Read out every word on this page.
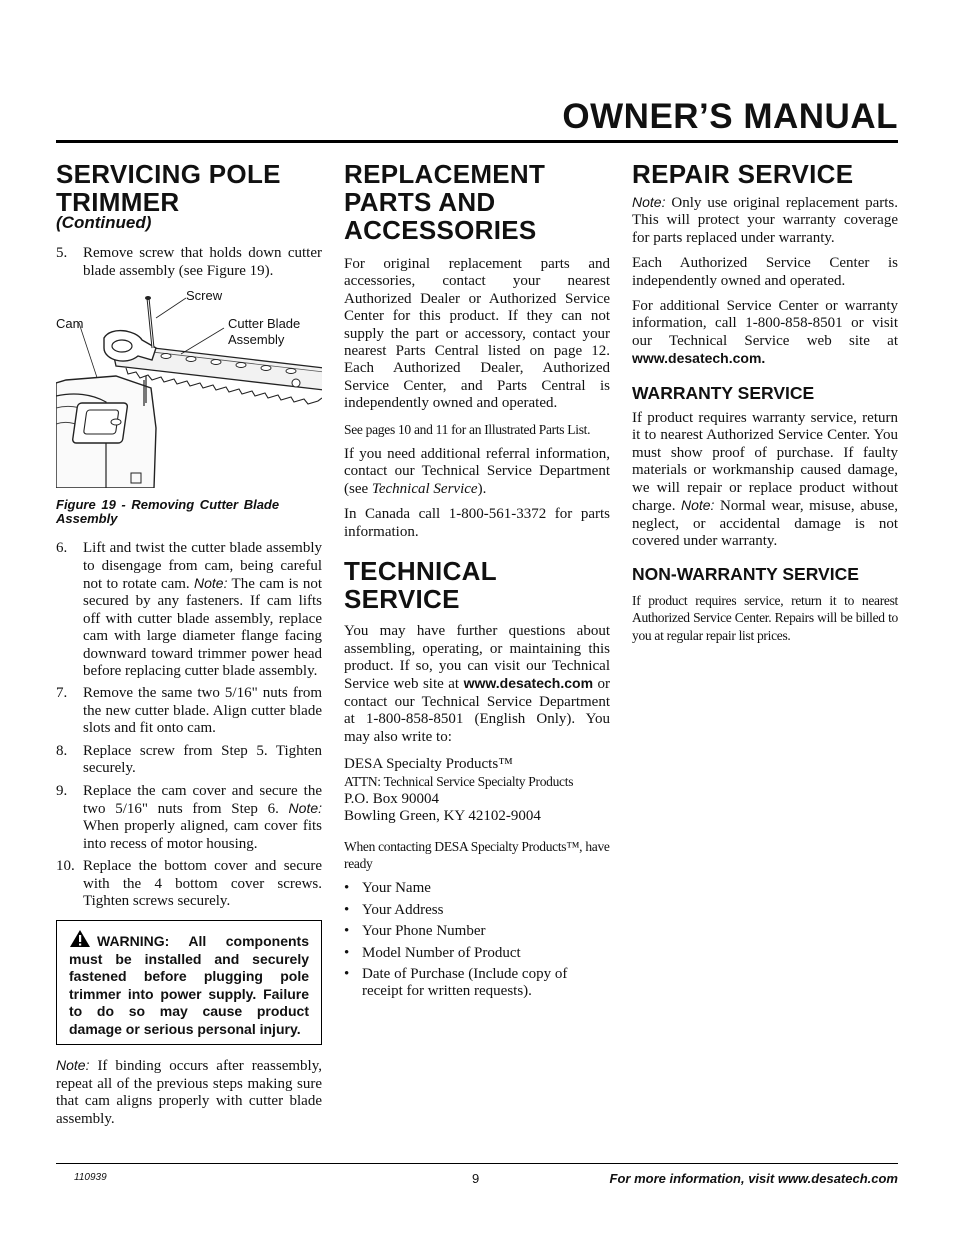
OWNER’S MANUAL
SERVICING POLE TRIMMER
(Continued)
5. Remove screw that holds down cutter blade assembly (see Figure 19).
Screw
Cam	Cutter Blade
Assembly
Figure 19 - Removing Cutter Blade Assembly
6. Lift and twist the cutter blade assembly to disengage from cam, being careful not to rotate cam. Note: The cam is not secured by any fasteners. If cam lifts off with cutter blade assembly, replace cam with large diameter flange facing downward toward trimmer power head before replacing cutter blade assembly.
7. Remove the same two 5/16" nuts from the new cutter blade. Align cutter blade slots and fit onto cam.
8. Replace screw from Step 5. Tighten securely.
9. Replace the cam cover and secure the two 5/16" nuts from Step 6. Note: When properly aligned, cam cover fits into recess of motor housing.
10. Replace the bottom cover and secure with the 4 bottom cover screws. Tighten screws securely.
WARNING: All components must be installed and securely fastened before plugging pole trimmer into power supply. Failure to do so may cause product damage or serious personal injury.

Note: If binding occurs after reassembly, repeat all of the previous steps making sure that cam aligns properly with cutter blade assembly.

REPLACEMENT PARTS AND ACCESSORIES

For original replacement parts and accessories, contact your nearest Authorized Dealer or Authorized Service Center for this product. If they can not supply the part or accessory, contact your nearest Parts Central listed on page 12. Each Authorized Dealer, Authorized Service Center, and Parts Central is independently owned and operated.

See pages 10 and 11 for an Illustrated Parts List.

If you need additional referral information, contact our Technical Service Department (see Technical Service).

In Canada call 1-800-561-3372 for parts information.

TECHNICAL SERVICE

You may have further questions about assembling, operating, or maintaining this product. If so, you can visit our Technical Service web site at www.desatech.com or contact our Technical Service Department at 1-800-858-8501 (English Only). You may also write to:

DESA Specialty Products™
ATTN: Technical Service Specialty Products
P.O. Box 90004
Bowling Green, KY 42102-9004

When contacting DESA Specialty Products™, have ready

• Your Name
• Your Address
• Your Phone Number
• Model Number of Product
• Date of Purchase (Include copy of receipt for written requests).
REPAIR SERVICE

Note: Only use original replacement parts. This will protect your warranty coverage for parts replaced under warranty.

Each Authorized Service Center is independently owned and operated.

For additional Service Center or warranty information, call 1-800-858-8501 or visit our Technical Service web site at www.desatech.com.

WARRANTY SERVICE

If product requires warranty service, return it to nearest Authorized Service Center. You must show proof of purchase. If faulty materials or workmanship caused damage, we will repair or replace product without charge. Note: Normal wear, misuse, abuse, neglect, or accidental damage is not covered under warranty.

NON-WARRANTY SERVICE

If product requires service, return it to nearest Authorized Service Center. Repairs will be billed to you at regular repair list prices.

110939	9	For more information, visit www.desatech.com
